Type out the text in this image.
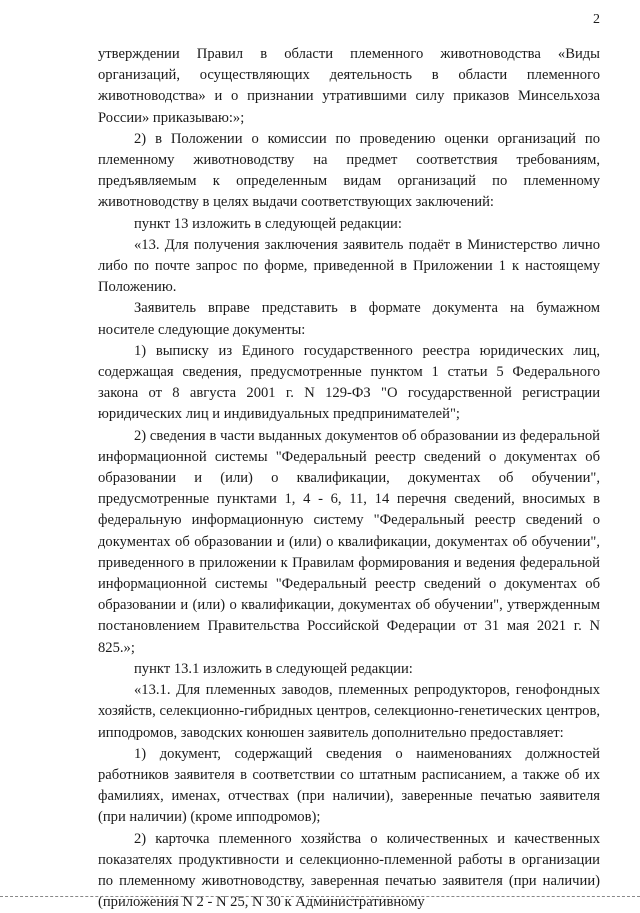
2

утверждении Правил в области племенного животноводства «Виды организаций, осуществляющих деятельность в области племенного животноводства» и о признании утратившими силу приказов Минсельхоза России» приказываю:»;

2) в Положении о комиссии по проведению оценки организаций по племенному животноводству на предмет соответствия требованиям, предъявляемым к определенным видам организаций по племенному животноводству в целях выдачи соответствующих заключений:

пункт 13 изложить в следующей редакции:

«13. Для получения заключения заявитель подаёт в Министерство лично либо по почте запрос по форме, приведенной в Приложении 1 к настоящему Положению.

Заявитель вправе представить в формате документа на бумажном носителе следующие документы:

1) выписку из Единого государственного реестра юридических лиц, содержащая сведения, предусмотренные пунктом 1 статьи 5 Федерального закона от 8 августа 2001 г. N 129-ФЗ "О государственной регистрации юридических лиц и индивидуальных предпринимателей";

2) сведения в части выданных документов об образовании из федеральной информационной системы "Федеральный реестр сведений о документах об образовании и (или) о квалификации, документах об обучении", предусмотренные пунктами 1, 4 - 6, 11, 14 перечня сведений, вносимых в федеральную информационную систему "Федеральный реестр сведений о документах об образовании и (или) о квалификации, документах об обучении", приведенного в приложении к Правилам формирования и ведения федеральной информационной системы "Федеральный реестр сведений о документах об образовании и (или) о квалификации, документах об обучении", утвержденным постановлением Правительства Российской Федерации от 31 мая 2021 г. N 825.»;

пункт 13.1 изложить в следующей редакции:

«13.1. Для племенных заводов, племенных репродукторов, генофондных хозяйств, селекционно-гибридных центров, селекционно-генетических центров, ипподромов, заводских конюшен заявитель дополнительно предоставляет:

1) документ, содержащий сведения о наименованиях должностей работников заявителя в соответствии со штатным расписанием, а также об их фамилиях, именах, отчествах (при наличии), заверенные печатью заявителя (при наличии) (кроме ипподромов);

2) карточка племенного хозяйства о количественных и качественных показателях продуктивности и селекционно-племенной работы в организации по племенному животноводству, заверенная печатью заявителя (при наличии) (приложения N 2 - N 25, N 30 к Административному
